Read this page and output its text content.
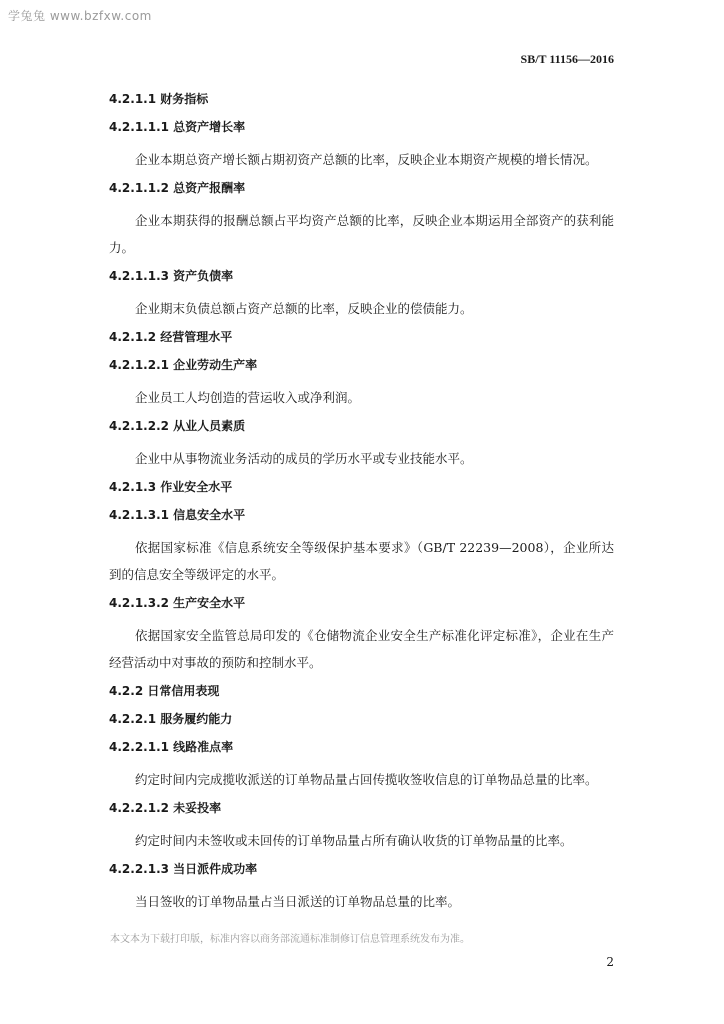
学兔兔 www.bzfxw.com
SB/T 11156—2016
4.2.1.1 财务指标
4.2.1.1.1 总资产增长率
企业本期总资产增长额占期初资产总额的比率，反映企业本期资产规模的增长情况。
4.2.1.1.2 总资产报酬率
企业本期获得的报酬总额占平均资产总额的比率，反映企业本期运用全部资产的获利能力。
4.2.1.1.3 资产负债率
企业期末负债总额占资产总额的比率，反映企业的偿债能力。
4.2.1.2 经营管理水平
4.2.1.2.1 企业劳动生产率
企业员工人均创造的营运收入或净利润。
4.2.1.2.2 从业人员素质
企业中从事物流业务活动的成员的学历水平或专业技能水平。
4.2.1.3 作业安全水平
4.2.1.3.1 信息安全水平
依据国家标准《信息系统安全等级保护基本要求》（GB/T 22239—2008），企业所达到的信息安全等级评定的水平。
4.2.1.3.2 生产安全水平
依据国家安全监管总局印发的《仓储物流企业安全生产标准化评定标准》，企业在生产经营活动中对事故的预防和控制水平。
4.2.2 日常信用表现
4.2.2.1 服务履约能力
4.2.2.1.1 线路准点率
约定时间内完成揽收派送的订单物品量占回传揽收签收信息的订单物品总量的比率。
4.2.2.1.2 未妥投率
约定时间内未签收或未回传的订单物品量占所有确认收货的订单物品量的比率。
4.2.2.1.3 当日派件成功率
当日签收的订单物品量占当日派送的订单物品总量的比率。
本文本为下载打印版，标准内容以商务部流通标准制修订信息管理系统发布为准。
2
